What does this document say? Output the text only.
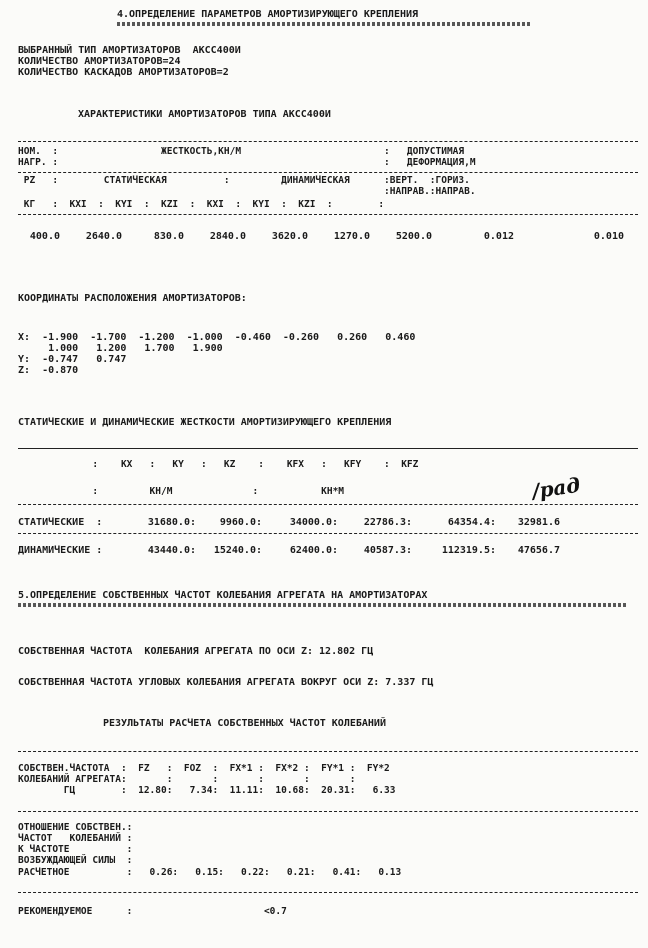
4.ОПРЕДЕЛЕНИЕ ПАРАМЕТРОВ АМОРТИЗИРУЮЩЕГО КРЕПЛЕНИЯ
ВЫБРАННЫЙ ТИП АМОРТИЗАТОРОВ  АКСС400И
КОЛИЧЕСТВО АМОРТИЗАТОРОВ=24
КОЛИЧЕСТВО КАСКАДОВ АМОРТИЗАТОРОВ=2
ХАРАКТЕРИСТИКИ АМОРТИЗАТОРОВ ТИПА АКСС400И
НОМ.  :                  ЖЕСТКОСТЬ,КН/М                         :   ДОПУСТИМАЯ
НАГР. :                                                         :   ДЕФОРМАЦИЯ,М
PZ   :        СТАТИЧЕСКАЯ          :         ДИНАМИЧЕСКАЯ      :ВЕРТ.  :ГОРИЗ.
:НАПРАВ.:НАПРАВ.
КГ   :  KXI  :  KYI  :  KZI  :  KXI  :  KYI  :  KZI  :        :
400.0	2640.0	830.0	2840.0	3620.0	1270.0	5200.0	0.012	0.010
КООРДИНАТЫ РАСПОЛОЖЕНИЯ АМОРТИЗАТОРОВ:
X:  -1.900  -1.700  -1.200  -1.000  -0.460  -0.260   0.260   0.460
1.000   1.200   1.700   1.900
Y:  -0.747   0.747
Z:  -0.870
СТАТИЧЕСКИЕ И ДИНАМИЧЕСКИЕ ЖЕСТКОСТИ АМОРТИЗИРУЮЩЕГО КРЕПЛЕНИЯ
:    KX   :   KY   :   KZ    :    KFX   :   KFY    :  KFZ
:         КН/М              :           КН*М	/рад
СТАТИЧЕСКИЕ  :	31680.0:	9960.0:	34000.0:	22786.3:	64354.4:	32981.6
ДИНАМИЧЕСКИЕ :	43440.0:	15240.0:	62400.0:	40587.3:	112319.5:	47656.7
5.ОПРЕДЕЛЕНИЕ СОБСТВЕННЫХ ЧАСТОТ КОЛЕБАНИЯ АГРЕГАТА НА АМОРТИЗАТОРАХ
СОБСТВЕННАЯ ЧАСТОТА  КОЛЕБАНИЯ АГРЕГАТА ПО ОСИ Z: 12.802 ГЦ
СОБСТВЕННАЯ ЧАСТОТА УГЛОВЫХ КОЛЕБАНИЯ АГРЕГАТА ВОКРУГ ОСИ Z: 7.337 ГЦ
РЕЗУЛЬТАТЫ РАСЧЕТА СОБСТВЕННЫХ ЧАСТОТ КОЛЕБАНИЙ
СОБСТВЕН.ЧАСТОТА  :  FZ   :  FOZ  :  FX*1 :  FX*2 :  FY*1 :  FY*2
КОЛЕБАНИЙ АГРЕГАТА:       :       :       :       :       :
ГЦ        :  12.80:   7.34:  11.11:  10.68:  20.31:   6.33
ОТНОШЕНИЕ СОБСТВЕН.:
ЧАСТОТ   КОЛЕБАНИЙ :
К ЧАСТОТЕ          :
ВОЗБУЖДАЮЩЕЙ СИЛЫ  :
РАСЧЕТНОЕ          :   0.26:   0.15:   0.22:   0.21:   0.41:   0.13
РЕКОМЕНДУЕМОЕ      :                       <0.7
